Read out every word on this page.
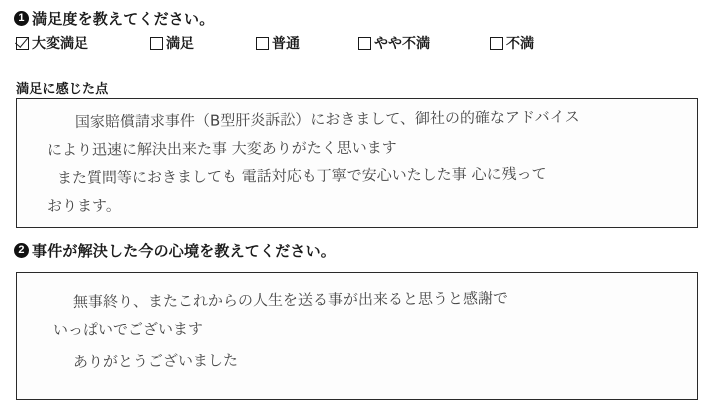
1 満足度を教えてください。
大変満足	満足	普通	やや不満	不満
満足に感じた点
国家賠償請求事件（B型肝炎訴訟）におきまして、御社の的確なアドバイス
により迅速に解決出来た事 大変ありがたく思います
また質問等におきましても 電話対応も丁寧で安心いたした事 心に残って
おります。
2 事件が解決した今の心境を教えてください。
無事終り、またこれからの人生を送る事が出来ると思うと感謝で
いっぱいでございます
ありがとうございました
